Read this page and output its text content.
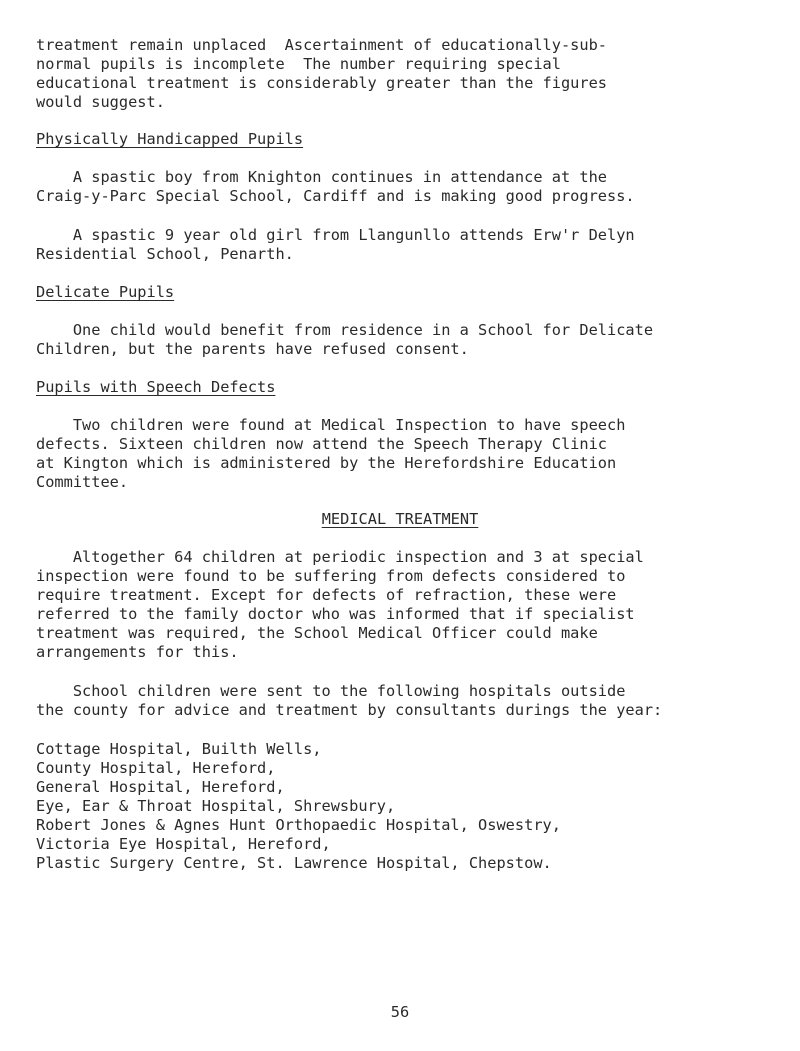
treatment remain unplaced  Ascertainment of educationally-sub-
normal pupils is incomplete  The number requiring special
educational treatment is considerably greater than the figures
would suggest.
Physically Handicapped Pupils
A spastic boy from Knighton continues in attendance at the
Craig-y-Parc Special School, Cardiff and is making good progress.
A spastic 9 year old girl from Llangunllo attends Erw'r Delyn
Residential School, Penarth.
Delicate Pupils
One child would benefit from residence in a School for Delicate
Children, but the parents have refused consent.
Pupils with Speech Defects
Two children were found at Medical Inspection to have speech
defects. Sixteen children now attend the Speech Therapy Clinic
at Kington which is administered by the Herefordshire Education
Committee.
MEDICAL TREATMENT
Altogether 64 children at periodic inspection and 3 at special
inspection were found to be suffering from defects considered to
require treatment. Except for defects of refraction, these were
referred to the family doctor who was informed that if specialist
treatment was required, the School Medical Officer could make
arrangements for this.
School children were sent to the following hospitals outside
the county for advice and treatment by consultants durings the year:
Cottage Hospital, Builth Wells,
County Hospital, Hereford,
General Hospital, Hereford,
Eye, Ear & Throat Hospital, Shrewsbury,
Robert Jones & Agnes Hunt Orthopaedic Hospital, Oswestry,
Victoria Eye Hospital, Hereford,
Plastic Surgery Centre, St. Lawrence Hospital, Chepstow.
56
